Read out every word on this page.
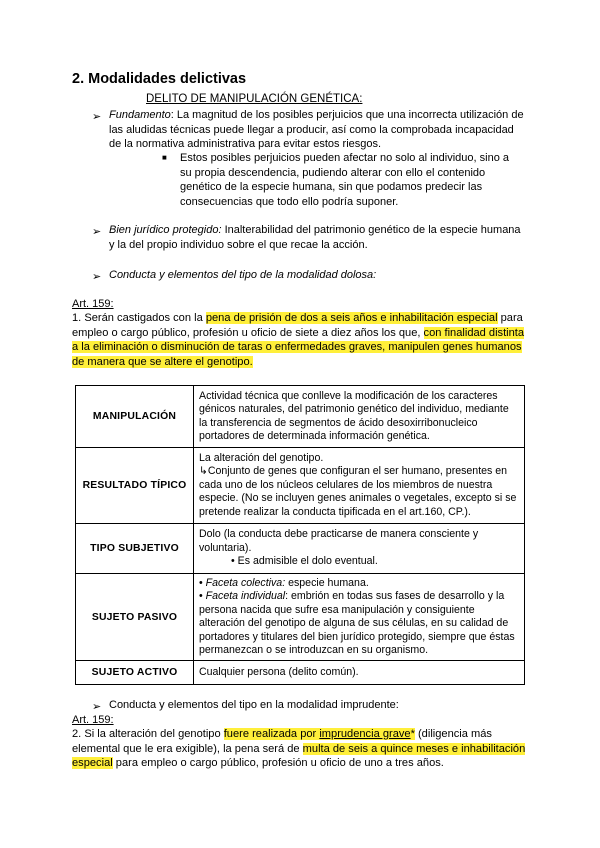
2. Modalidades delictivas
DELITO DE MANIPULACIÓN GENÉTICA:
➢ Fundamento: La magnitud de los posibles perjuicios que una incorrecta utilización de las aludidas técnicas puede llegar a producir, así como la comprobada incapacidad de la normativa administrativa para evitar estos riesgos.
■ Estos posibles perjuicios pueden afectar no solo al individuo, sino a su propia descendencia, pudiendo alterar con ello el contenido genético de la especie humana, sin que podamos predecir las consecuencias que todo ello podría suponer.
➢ Bien jurídico protegido: Inalterabilidad del patrimonio genético de la especie humana y la del propio individuo sobre el que recae la acción.
➢ Conducta y elementos del tipo de la modalidad dolosa:
Art. 159:
1. Serán castigados con la pena de prisión de dos a seis años e inhabilitación especial para empleo o cargo público, profesión u oficio de siete a diez años los que, con finalidad distinta a la eliminación o disminución de taras o enfermedades graves, manipulen genes humanos de manera que se altere el genotipo.
MANIPULACIÓN	Actividad técnica que conlleve la modificación de los caracteres génicos naturales, del patrimonio genético del individuo, mediante la transferencia de segmentos de ácido desoxirribonucleico portadores de determinada información genética.
RESULTADO TÍPICO	La alteración del genotipo.
↳Conjunto de genes que configuran el ser humano, presentes en cada uno de los núcleos celulares de los miembros de nuestra especie. (No se incluyen genes animales o vegetales, excepto si se pretende realizar la conducta tipificada en el art.160, CP.).

TIPO SUBJETIVO	Dolo (la conducta debe practicarse de manera consciente y voluntaria).
• Es admisible el dolo eventual.

SUJETO PASIVO	• Faceta colectiva: especie humana.
• Faceta individual: embrión en todas sus fases de desarrollo y la persona nacida que sufre esa manipulación y consiguiente alteración del genotipo de alguna de sus células, en su calidad de portadores y titulares del bien jurídico protegido, siempre que éstas permanezcan o se introduzcan en su organismo.

SUJETO ACTIVO	Cualquier persona (delito común).
➢ Conducta y elementos del tipo en la modalidad imprudente:
Art. 159:
2. Si la alteración del genotipo fuere realizada por imprudencia grave* (diligencia más elemental que le era exigible), la pena será de multa de seis a quince meses e inhabilitación especial para empleo o cargo público, profesión u oficio de uno a tres años.
